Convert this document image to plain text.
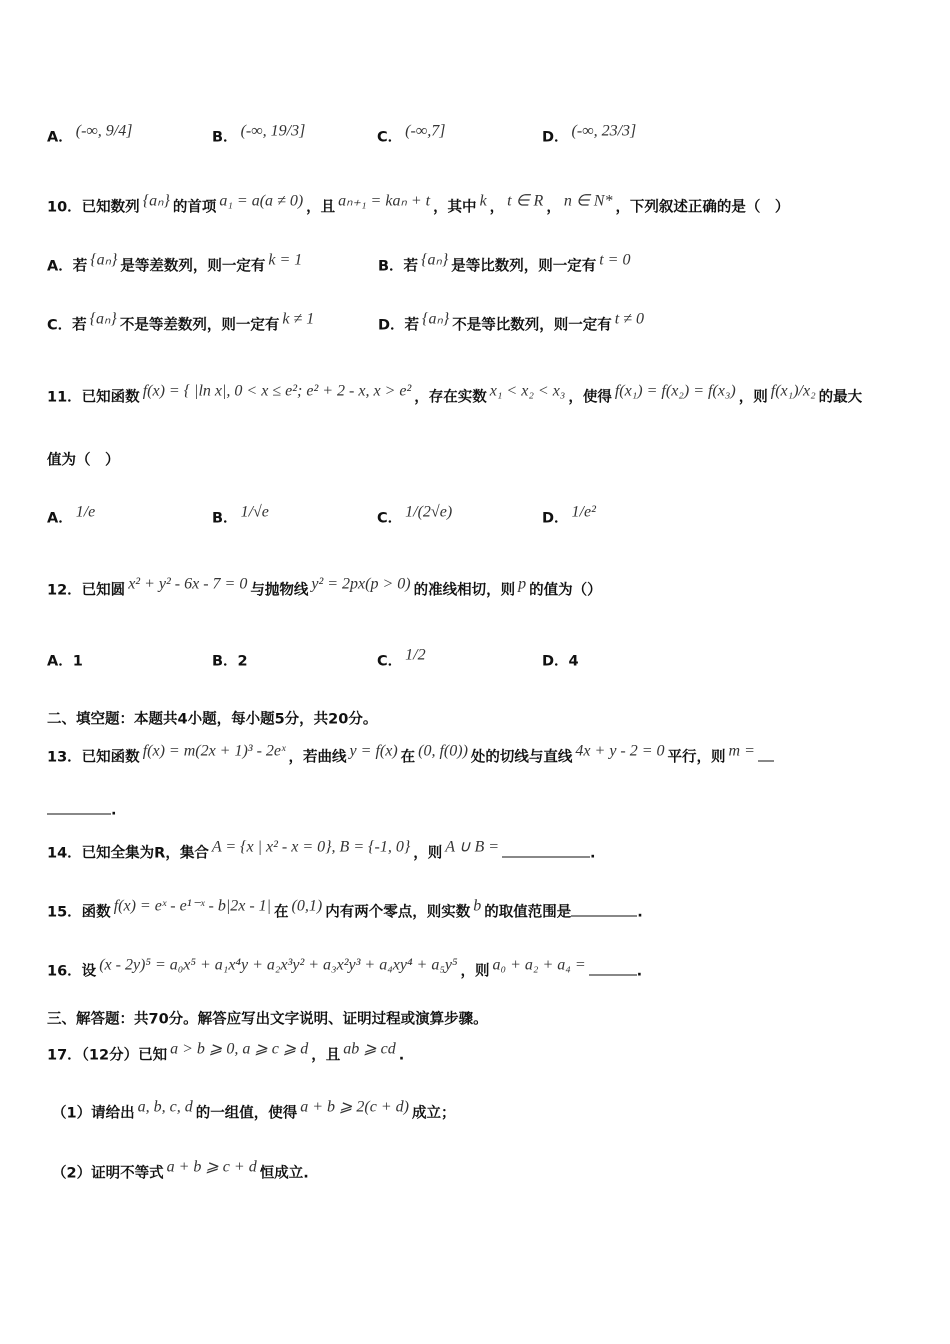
A． (-∞, 9/4]	B． (-∞, 19/3]	C． (-∞,7]	D． (-∞, 23/3]
10．已知数列 {aₙ} 的首项 a₁ = a(a ≠ 0) ，且 aₙ₊₁ = kaₙ + t ，其中 k ， t ∈ R ， n ∈ N* ，下列叙述正确的是（　）
A．若 {aₙ} 是等差数列，则一定有 k = 1	B．若 {aₙ} 是等比数列，则一定有 t = 0
C．若 {aₙ} 不是等差数列，则一定有 k ≠ 1	D．若 {aₙ} 不是等比数列，则一定有 t ≠ 0
11．已知函数 f(x) = { |ln x|, 0 < x ≤ e²; e² + 2 - x, x > e² ，存在实数 x₁ < x₂ < x₃ ，使得 f(x₁) = f(x₂) = f(x₃) ，则 f(x₁)/x₂ 的最大
值为（　）
A． 1/e	B． 1/√e	C． 1/(2√e)	D． 1/e²
12．已知圆 x² + y² - 6x - 7 = 0 与抛物线 y² = 2px(p > 0) 的准线相切，则 p 的值为（）
A．1	B．2	C． 1/2	D．4
二、填空题：本题共4小题，每小题5分，共20分。
13．已知函数 f(x) = m(2x + 1)³ - 2eˣ ，若曲线 y = f(x) 在 (0, f(0)) 处的切线与直线 4x + y - 2 = 0 平行，则 m =
.
14．已知全集为R，集合 A = {x | x² - x = 0}, B = {-1, 0} ，则 A ∪ B =	.
15．函数 f(x) = eˣ - e¹⁻ˣ - b|2x - 1| 在 (0,1) 内有两个零点，则实数 b 的取值范围是	.
16．设 (x - 2y)⁵ = a₀x⁵ + a₁x⁴y + a₂x³y² + a₃x²y³ + a₄xy⁴ + a₅y⁵ ，则 a₀ + a₂ + a₄ =	.
三、解答题：共70分。解答应写出文字说明、证明过程或演算步骤。
17．（12分）已知 a > b ⩾ 0, a ⩾ c ⩾ d ，且 ab ⩾ cd .
（1）请给出 a, b, c, d 的一组值，使得 a + b ⩾ 2(c + d) 成立；
（2）证明不等式 a + b ⩾ c + d 恒成立.
